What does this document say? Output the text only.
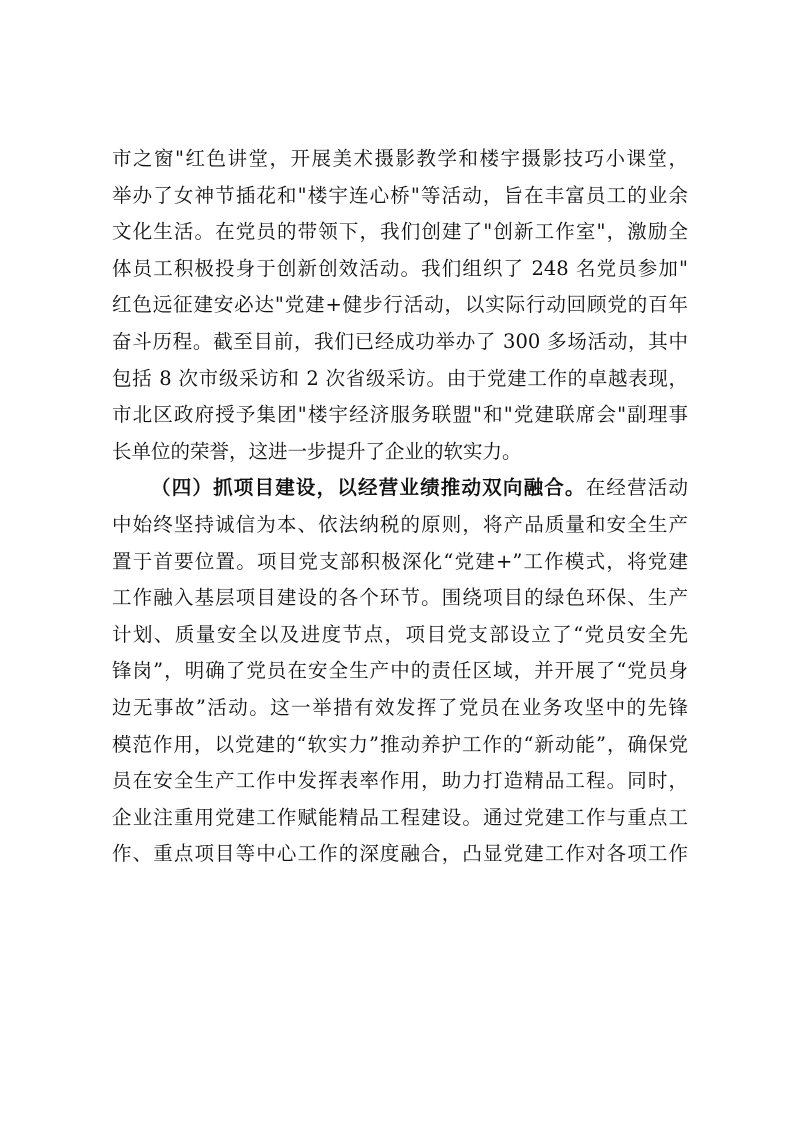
市之窗"红色讲堂，开展美术摄影教学和楼宇摄影技巧小课堂，
举办了女神节插花和"楼宇连心桥"等活动，旨在丰富员工的业余
文化生活。在党员的带领下，我们创建了"创新工作室"，激励全
体员工积极投身于创新创效活动。我们组织了 248 名党员参加"
红色远征建安必达"党建+健步行活动，以实际行动回顾党的百年
奋斗历程。截至目前，我们已经成功举办了 300 多场活动，其中
包括 8 次市级采访和 2 次省级采访。由于党建工作的卓越表现，
市北区政府授予集团"楼宇经济服务联盟"和"党建联席会"副理事
长单位的荣誉，这进一步提升了企业的软实力。
（四）抓项目建设，以经营业绩推动双向融合。在经营活动
中始终坚持诚信为本、依法纳税的原则，将产品质量和安全生产
置于首要位置。项目党支部积极深化“党建+”工作模式，将党建
工作融入基层项目建设的各个环节。围绕项目的绿色环保、生产
计划、质量安全以及进度节点，项目党支部设立了“党员安全先
锋岗”，明确了党员在安全生产中的责任区域，并开展了“党员身
边无事故”活动。这一举措有效发挥了党员在业务攻坚中的先锋
模范作用，以党建的“软实力”推动养护工作的“新动能”，确保党
员在安全生产工作中发挥表率作用，助力打造精品工程。同时，
企业注重用党建工作赋能精品工程建设。通过党建工作与重点工
作、重点项目等中心工作的深度融合，凸显党建工作对各项工作
